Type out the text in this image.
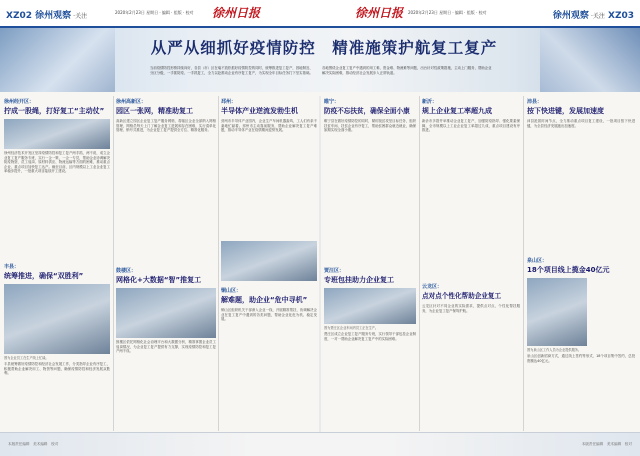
XZ02 徐州观察 ·关注
2020年2月23日 星期日 · 编辑 · 组版 · 校对 徐州日报	徐州日报 2020年2月23日 星期日 · 编辑 · 组版 · 校对	徐州观察 ·关注 XZ03
从严从细抓好疫情防控　精准施策护航复工复产
当前疫情防控形势持续向好，各县（市）区在毫不放松抓好疫情防控的同时，统筹推进复工复产，因地制宜、分区分级，一手抓防疫、一手抓复工，全力以赴推动企业有序复工复产，为实现全年目标任务打下坚实基础。
各地围绕企业复工复产中遇到的用工难、资金难、物流难等问题，出台针对性政策措施，主动上门服务，帮助企业解决实际困难，推动经济社会发展步入正常轨道。
徐州经开区：
拧成一股绳，打好复工“主动仗”
徐州经济技术开发区坚持疫情防控和复工复产两手抓、两不误，成立企业复工复产服务专班，实行一企一策、一企一专员，帮助企业协调解决防疫物资、员工返岗、原材料供应、物流运输等方面的困难，推动重点企业、重点项目加快复工达产。截至目前，区内规模以上工业企业复工率稳步提升，一批重大项目陆续开工建设。
丰县：
统筹推进，确保“双胜利”
图为企业员工在生产线上忙碌。
丰县统筹做好疫情防控和经济社会发展工作，分类指导企业有序复工，积极帮助企业解决用工、物资等问题，确保疫情防控和经济发展双胜利。
徐州高新区：
园区一张网，精准助复工
高新区建立园区企业复工复产服务网格，将辖区企业全部纳入网格管理，网格员每天上门了解企业复工进展和存在困难，实行清单化管理、销号式推进，为企业复工复产提供全方位、精准化服务。
鼓楼区：
网格化+大数据“智”推复工
鼓楼区依托网格化社会治理平台和大数据分析，精准掌握企业员工返岗情况，为企业复工复产提供有力支撑，实现疫情防控和复工复产两不误。
邳州：
半导体产业逆流发勃生机
邳州市半导体产业园内，企业生产车间机器轰鸣，工人们有条不紊地忙碌着。邳州市主动靠前服务，帮助企业解决复工复产难题，推动半导体产业在疫情期间逆势发展。
铜山区：
解难题，助企业“危中寻机”
铜山区组织机关干部深入企业一线，开展精准帮扶，协调解决企业在复工复产中遇到的各类问题，帮助企业化危为机、稳定发展。
睢宁：
防疫不忘扶贫，确保全面小康
睢宁县在做好疫情防控的同时，紧盯脱贫攻坚目标任务，组织扶贫车间、扶贫企业有序复工，帮助贫困群众就近就业，确保如期实现全面小康。
贾汪区：
专班包挂助力企业复工
图为贾汪区企业车间内员工正在生产。
贾汪区成立企业复工复产服务专班，实行领导干部包挂企业制度，一对一帮助企业解决复工复产中的实际困难。
新沂：
规上企业复工率超九成
新沂市多措并举推动企业复工复产，加强防疫指导、强化要素保障，全市规模以上工业企业复工率超过九成，重点项目建设有序推进。
云龙区：
点对点个性化帮助企业复工
云龙区针对不同企业的实际需求，提供点对点、个性化帮扶服务，为企业复工复产保驾护航。
沛县：
按下快进键，发展加速度
沛县抢抓时间节点，全力推动重点项目复工建设，一批项目按下快进键，为全县经济发展跑出加速度。
泉山区：
18个项目线上揽金40亿元
图为泉山区工作人员为企业提供服务。
泉山区创新招商方式，通过线上签约等形式，18个项目集中签约，总投资额达40亿元。
本版责任编辑　美术编辑　校对	本版责任编辑　美术编辑　校对
